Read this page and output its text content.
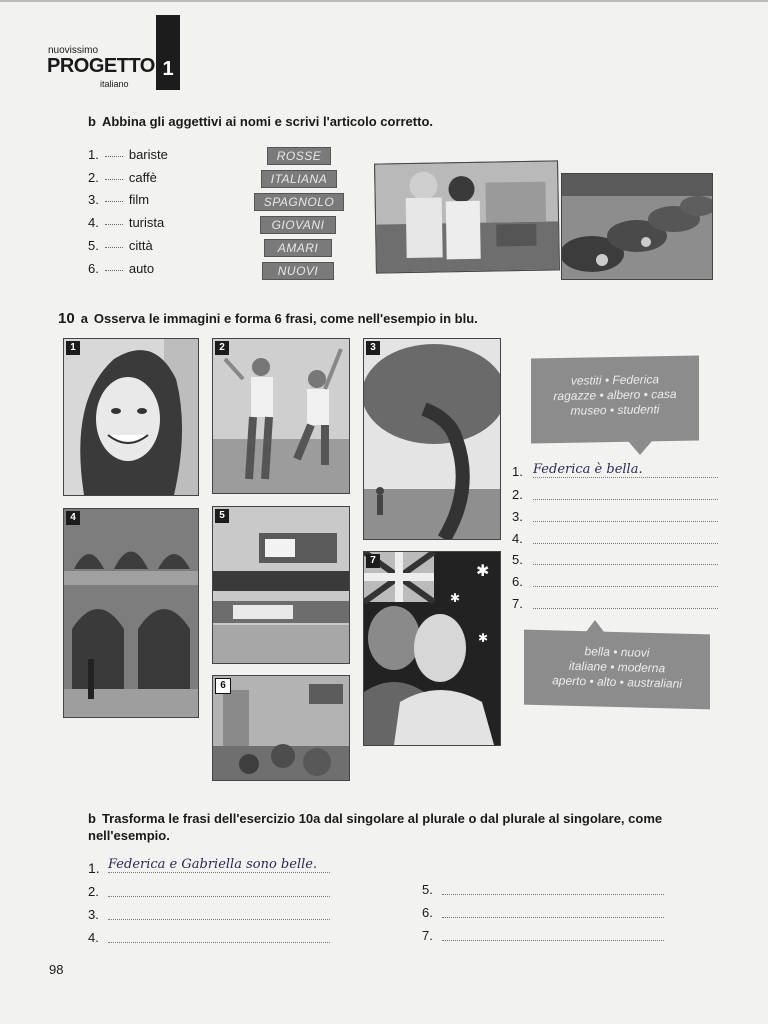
nuovissimo
PROGETTO
italiano
1
b Abbina gli aggettivi ai nomi e scrivi l'articolo corretto.
1. bariste
2. caffè
3. film
4. turista
5. città
6. auto
ROSSE
ITALIANA
SPAGNOLO
GIOVANI
AMARI
NUOVI
10 a Osserva le immagini e forma 6 frasi, come nell'esempio in blu.
1	2	3
4	5
6
✱
✱
✱
7
vestiti • Federica
ragazze • albero • casa
museo • studenti
1. Federica è bella.
2.
3.
4.
5.
6.
7.
bella • nuovi
italiane • moderna
aperto • alto • australiani
b Trasforma le frasi dell'esercizio 10a dal singolare al plurale o dal plurale al singolare, come
nell'esempio.
1. Federica e Gabriella sono belle.
2.
3.
4.
5.
6.
7.
98
